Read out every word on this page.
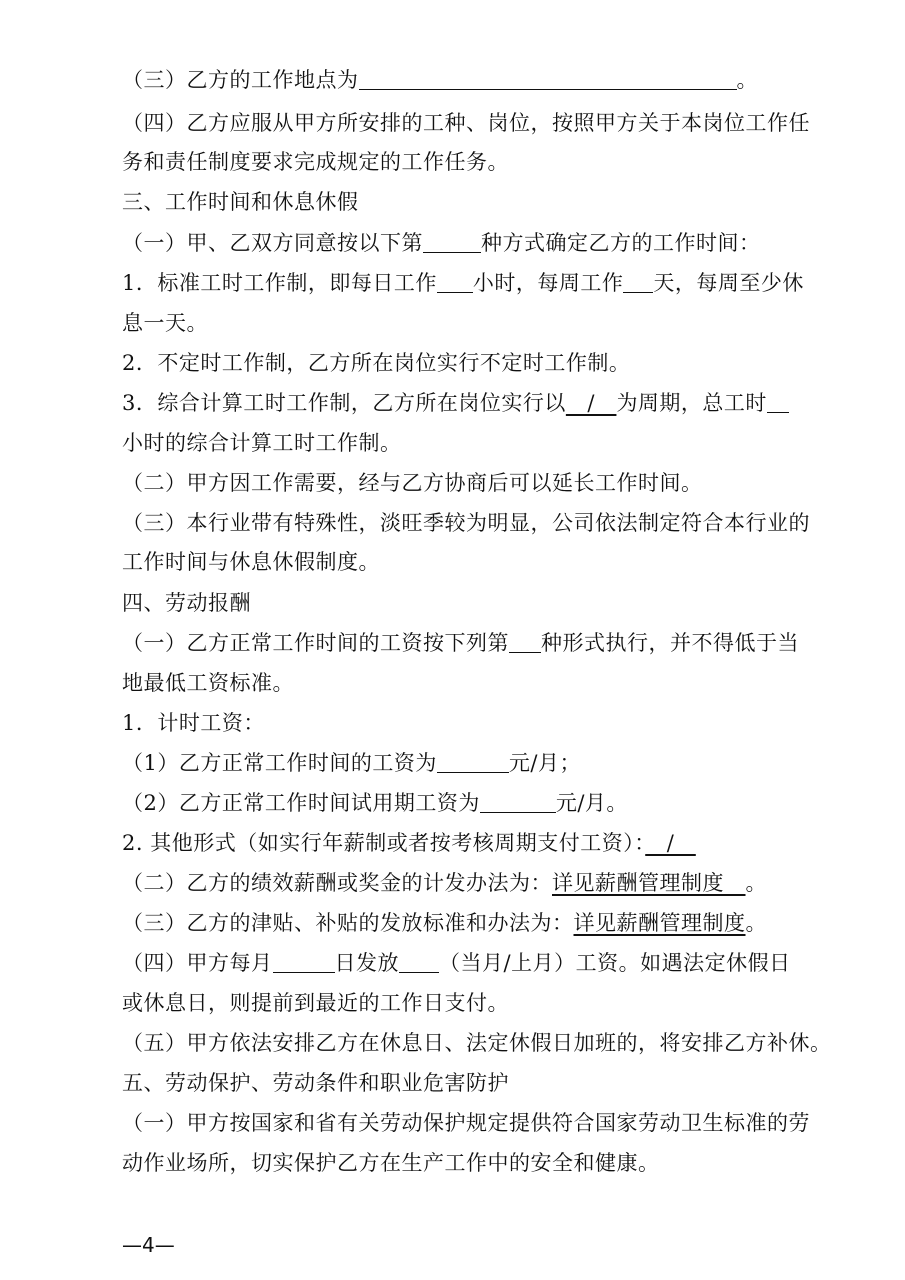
（三）乙方的工作地点为	。
（四）乙方应服从甲方所安排的工种、岗位，按照甲方关于本岗位工作任
务和责任制度要求完成规定的工作任务。
三、工作时间和休息休假
（一）甲、乙双方同意按以下第	种方式确定乙方的工作时间：
1．标准工时工作制，即每日工作 小时，每周工作 天，每周至少休
息一天。
2．不定时工作制，乙方所在岗位实行不定时工作制。
3．综合计算工时工作制，乙方所在岗位实行以　/　为周期，总工时
小时的综合计算工时工作制。
（二）甲方因工作需要，经与乙方协商后可以延长工作时间。
（三）本行业带有特殊性，淡旺季较为明显，公司依法制定符合本行业的
工作时间与休息休假制度。
四、劳动报酬
（一）乙方正常工作时间的工资按下列第 种形式执行，并不得低于当
地最低工资标准。
1．计时工资：
（1）乙方正常工作时间的工资为	元/月；
（2）乙方正常工作时间试用期工资为	元/月。
2. 其他形式（如实行年薪制或者按考核周期支付工资）：　/　
（二）乙方的绩效薪酬或奖金的计发办法为：详见薪酬管理制度　。
（三）乙方的津贴、补贴的发放标准和办法为：详见薪酬管理制度。
（四）甲方每月	日发放 （当月/上月）工资。如遇法定休假日
或休息日，则提前到最近的工作日支付。
（五）甲方依法安排乙方在休息日、法定休假日加班的，将安排乙方补休。
五、劳动保护、劳动条件和职业危害防护
（一）甲方按国家和省有关劳动保护规定提供符合国家劳动卫生标准的劳
动作业场所，切实保护乙方在生产工作中的安全和健康。
—4—
